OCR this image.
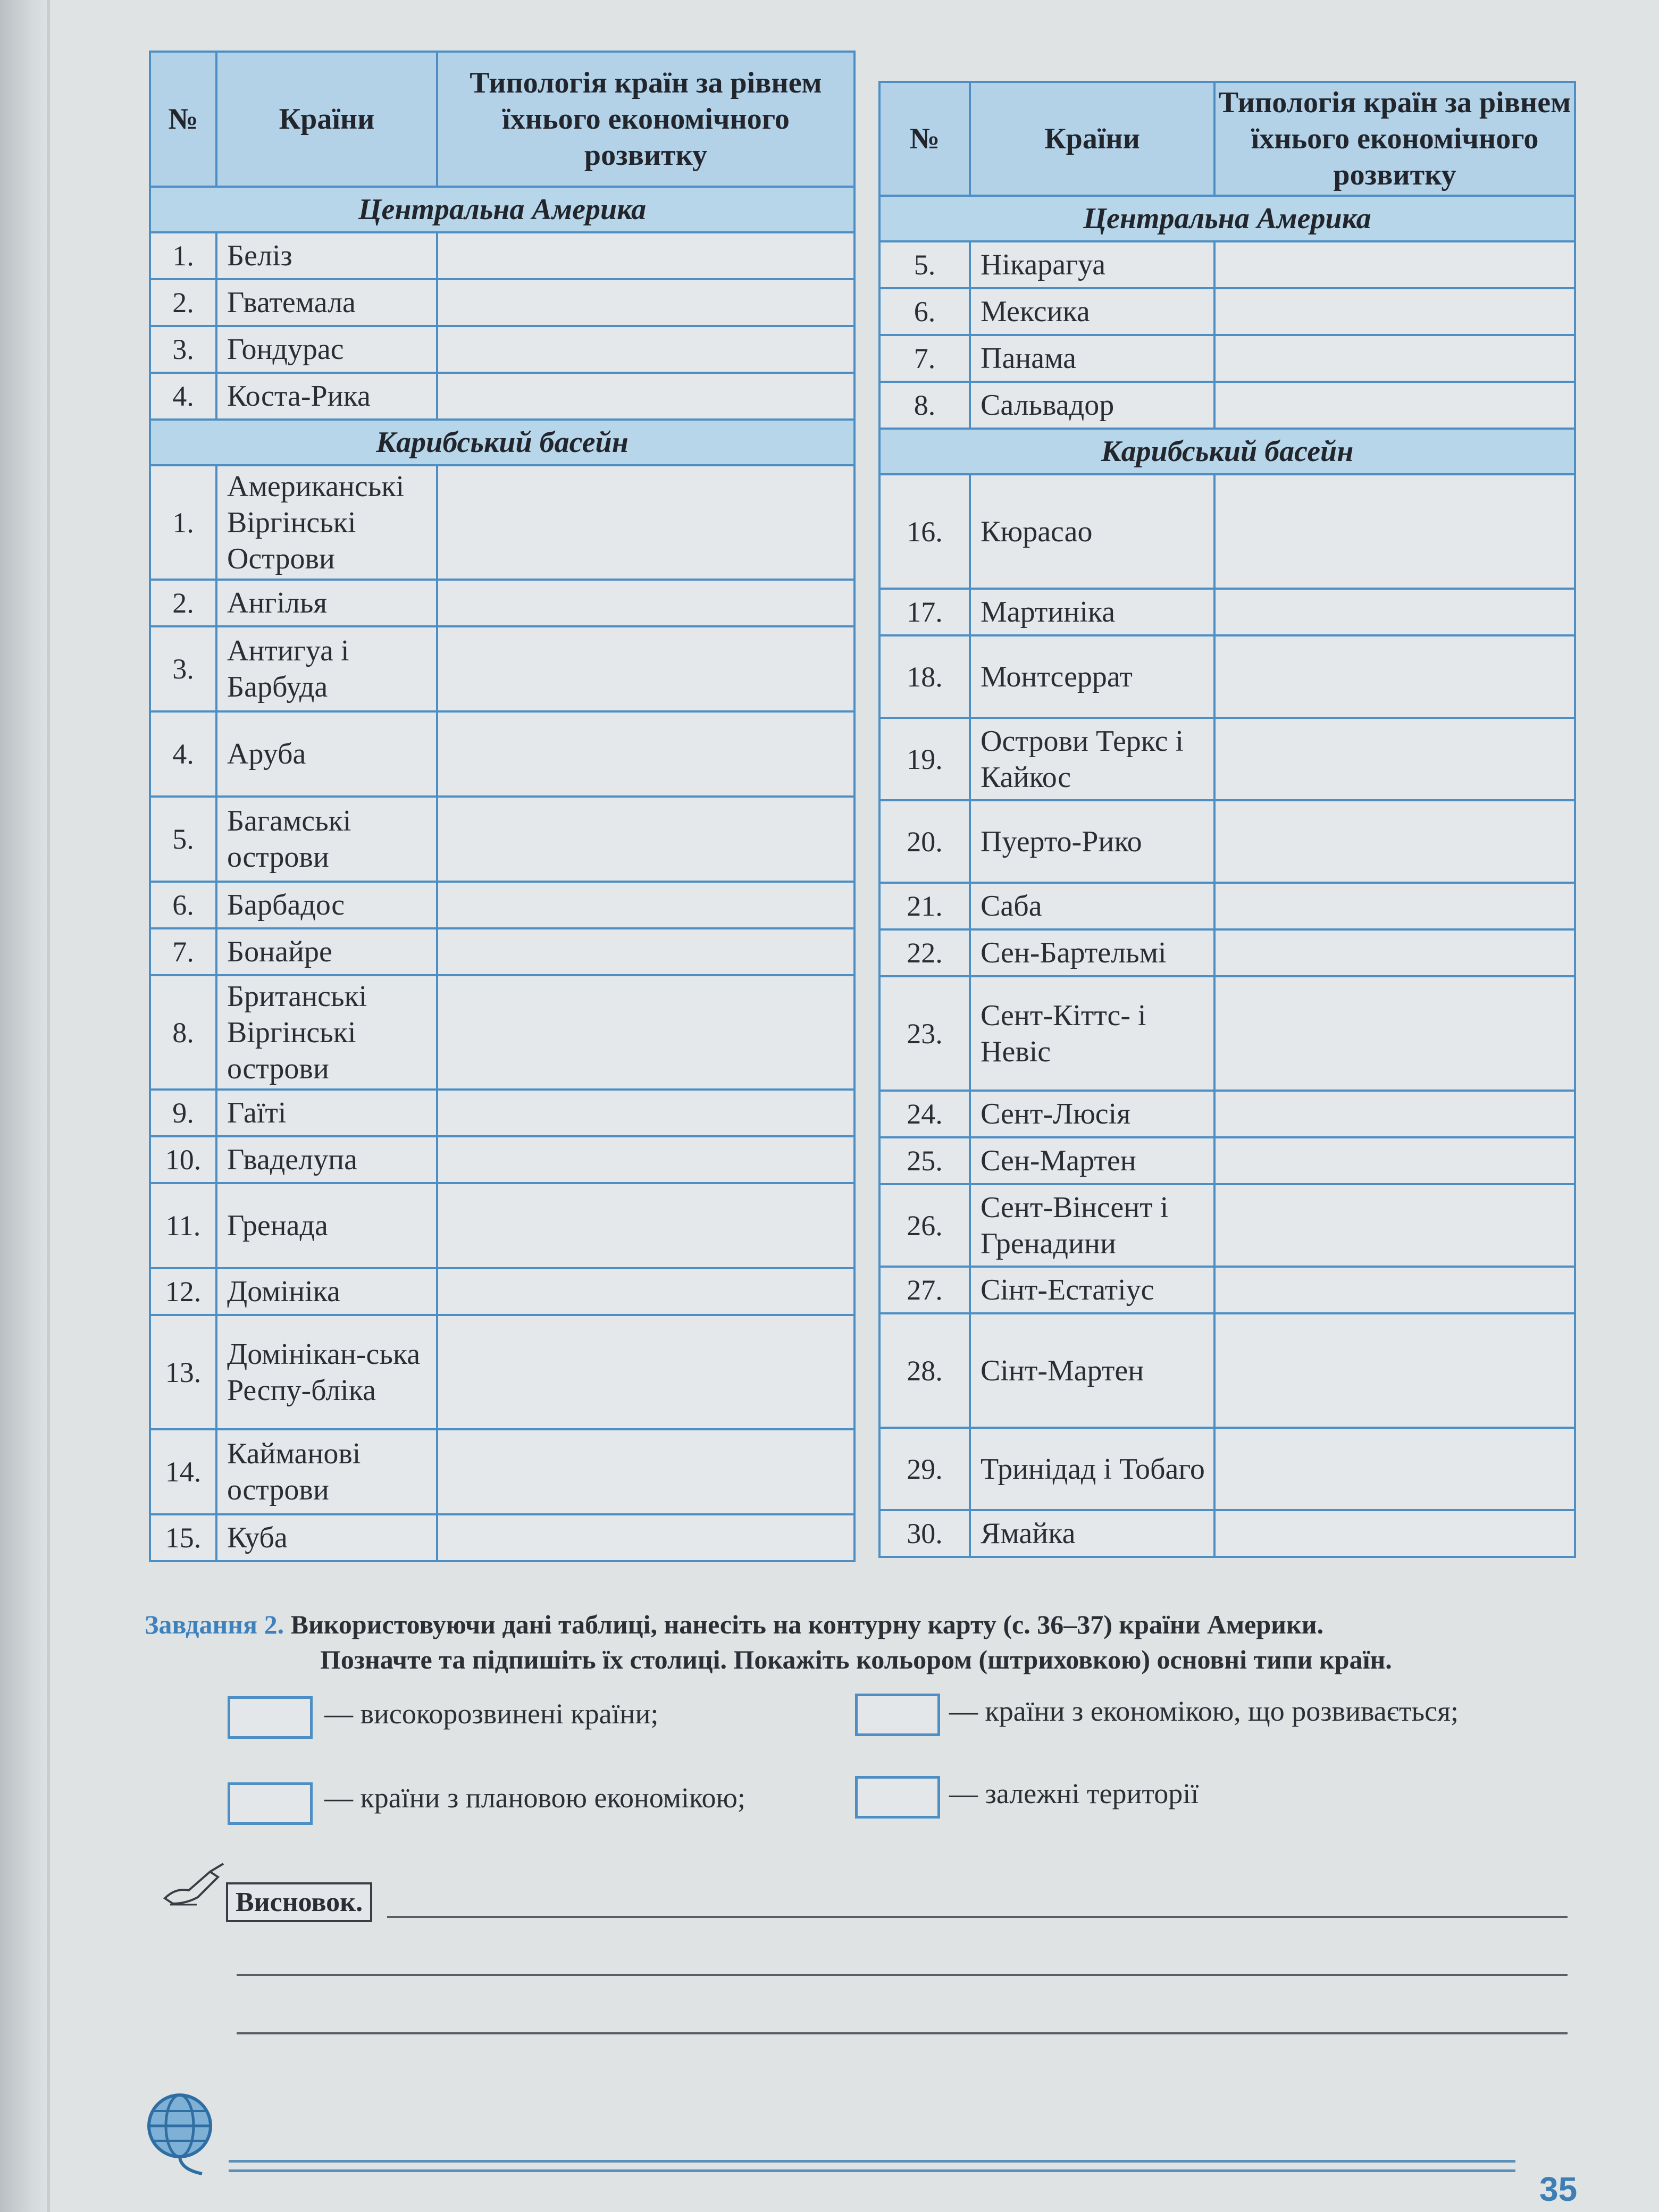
№	Країни	Типологія країн за рівнем їхнього економічного розвитку
Центральна Америка		
1.	Беліз	
2.	Гватемала	
3.	Гондурас	
4.	Коста-Рика	
Карибський басейн		
1.	Американські Віргінські Острови	
2.	Ангілья	
3.	Антигуа і Барбуда	
4.	Аруба	
5.	Багамські острови	
6.	Барбадос	
7.	Бонайре	
8.	Британські Віргінські острови	
9.	Гаїті	
10.	Гваделупа	
11.	Гренада	
12.	Домініка	
13.	Домінікан-ська Респу-бліка	
14.	Кайманові острови	
15.	Куба	
№	Країни	Типологія країн за рівнем їхнього економічного розвитку
Центральна Америка		
5.	Нікарагуа	
6.	Мексика	
7.	Панама	
8.	Сальвадор	
Карибський басейн		
16.	Кюрасао	
17.	Мартиніка	
18.	Монтсеррат	
19.	Острови Теркс і Кайкос	
20.	Пуерто-Рико	
21.	Саба	
22.	Сен-Бартельмі	
23.	Сент-Кіттс- і Невіс	
24.	Сент-Люсія	
25.	Сен-Мартен	
26.	Сент-Вінсент і Гренадини	
27.	Сінт-Естатіус	
28.	Сінт-Мартен	
29.	Тринідад і Тобаго	
30.	Ямайка	
Завдання 2. Використовуючи дані таблиці, нанесіть на контурну карту (с. 36–37) країни Америки.
Позначте та підпишіть їх столиці. Покажіть кольором (штриховкою) основні типи країн.
— високорозвинені країни;	— країни з економікою, що розвивається;
— країни з плановою економікою;	— залежні території
Висновок.
35
